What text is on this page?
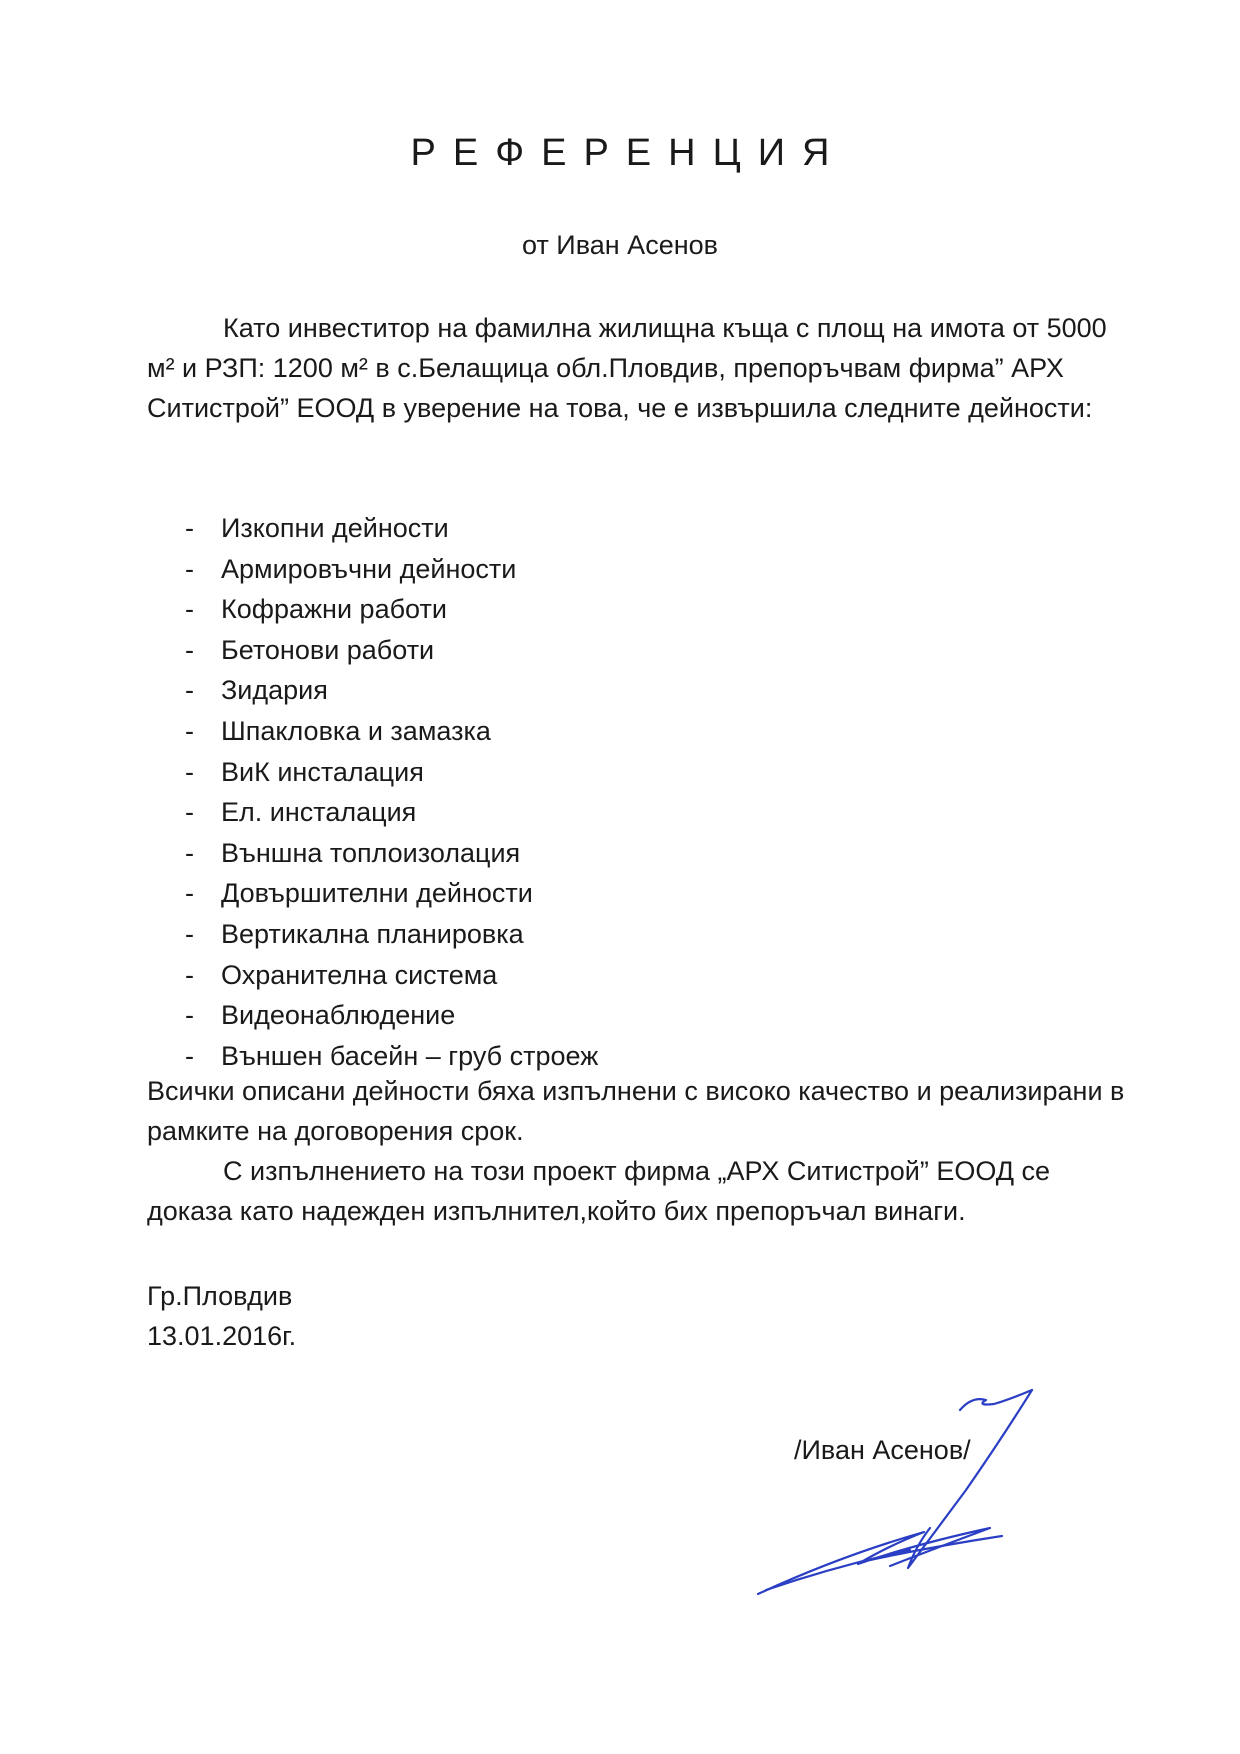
РЕФЕРЕНЦИЯ
от Иван Асенов
Като инвеститор на фамилна жилищна къща с площ на имота от 5000 м² и РЗП: 1200 м² в с.Белащица обл.Пловдив, препоръчвам фирма” АРХ Ситистрой” ЕООД в уверение на това, че е извършила следните дейности:
- Изкопни дейности
- Армировъчни дейности
- Кофражни работи
- Бетонови работи
- Зидария
- Шпакловка и замазка
- ВиК инсталация
- Ел. инсталация
- Външна топлоизолация
- Довършителни дейности
- Вертикална планировка
- Охранителна система
- Видеонаблюдение
- Външен басейн – груб строеж
Всички описани дейности бяха изпълнени с високо качество и реализирани в рамките на договорения срок.
С изпълнението на този проект фирма „АРХ Ситистрой” ЕООД се доказа като надежден изпълнител,който бих препоръчал винаги.
Гр.Пловдив
13.01.2016г.
/Иван Асенов/
